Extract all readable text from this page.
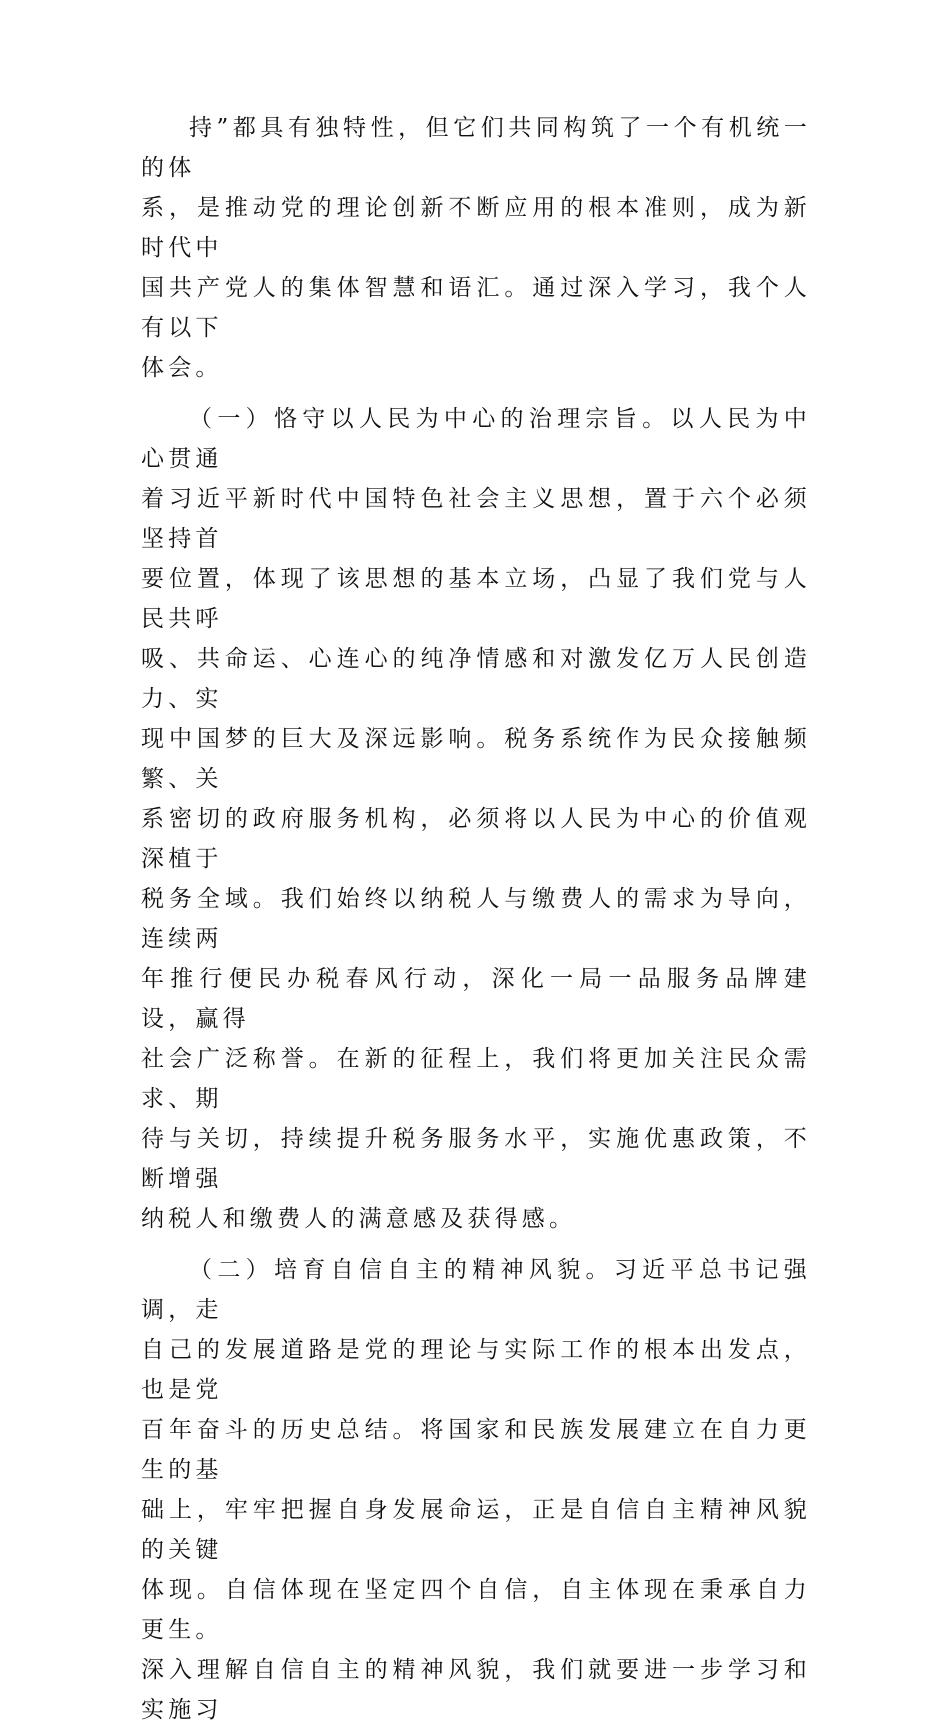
持”都具有独特性，但它们共同构筑了一个有机统一的体
系，是推动党的理论创新不断应用的根本准则，成为新时代中
国共产党人的集体智慧和语汇。通过深入学习，我个人有以下
体会。

（一）恪守以人民为中心的治理宗旨。以人民为中心贯通
着习近平新时代中国特色社会主义思想，置于六个必须坚持首
要位置，体现了该思想的基本立场，凸显了我们党与人民共呼
吸、共命运、心连心的纯净情感和对激发亿万人民创造力、实
现中国梦的巨大及深远影响。税务系统作为民众接触频繁、关
系密切的政府服务机构，必须将以人民为中心的价值观深植于
税务全域。我们始终以纳税人与缴费人的需求为导向，连续两
年推行便民办税春风行动，深化一局一品服务品牌建设，赢得
社会广泛称誉。在新的征程上，我们将更加关注民众需求、期
待与关切，持续提升税务服务水平，实施优惠政策，不断增强
纳税人和缴费人的满意感及获得感。

（二）培育自信自主的精神风貌。习近平总书记强调，走
自己的发展道路是党的理论与实际工作的根本出发点，也是党
百年奋斗的历史总结。将国家和民族发展建立在自力更生的基
础上，牢牢把握自身发展命运，正是自信自主精神风貌的关键
体现。自信体现在坚定四个自信，自主体现在秉承自力更生。
深入理解自信自主的精神风貌，我们就要进一步学习和实施习
